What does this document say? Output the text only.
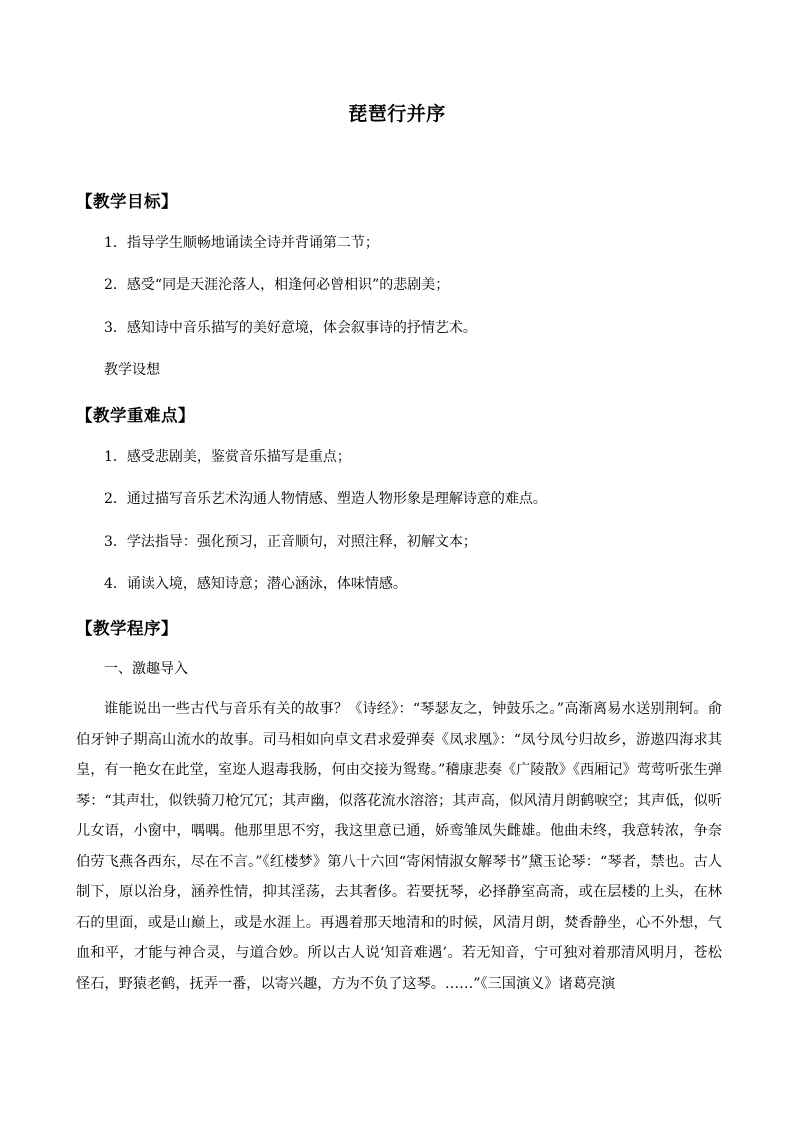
琵琶行并序
【教学目标】
1．指导学生顺畅地诵读全诗并背诵第二节；
2．感受“同是天涯沦落人，相逢何必曾相识”的悲剧美；
3．感知诗中音乐描写的美好意境，体会叙事诗的抒情艺术。
教学设想
【教学重难点】
1．感受悲剧美，鉴赏音乐描写是重点；
2．通过描写音乐艺术沟通人物情感、塑造人物形象是理解诗意的难点。
3．学法指导：强化预习，正音顺句，对照注释，初解文本；
4．诵读入境，感知诗意；潜心涵泳，体味情感。
【教学程序】
一、激趣导入
谁能说出一些古代与音乐有关的故事？《诗经》：“琴瑟友之，钟鼓乐之。”高渐离易水送别荆轲。俞伯牙钟子期高山流水的故事。司马相如向卓文君求爱弹奏《凤求凰》：“凤兮凤兮归故乡，游遨四海求其皇，有一艳女在此堂，室迩人遐毒我肠，何由交接为鸳鸯。”稽康悲奏《广陵散》《西厢记》莺莺听张生弹琴：“其声壮，似铁骑刀枪冗冗；其声幽，似落花流水溶溶；其声高，似风清月朗鹤唳空；其声低，似听儿女语，小窗中，喁喁。他那里思不穷，我这里意已通，娇鸾雏凤失雌雄。他曲未终，我意转浓，争奈伯劳飞燕各西东，尽在不言。”《红楼梦》第八十六回“寄闲情淑女解琴书”黛玉论琴：“琴者，禁也。古人制下，原以治身，涵养性情，抑其淫荡，去其奢侈。若要抚琴，必择静室高斋，或在层楼的上头，在林石的里面，或是山巅上，或是水涯上。再遇着那天地清和的时候，风清月朗，焚香静坐，心不外想，气血和平，才能与神合灵，与道合妙。所以古人说‘知音难遇’。若无知音，宁可独对着那清风明月，苍松怪石，野猿老鹤，抚弄一番，以寄兴趣，方为不负了这琴。……”《三国演义》诸葛亮演
